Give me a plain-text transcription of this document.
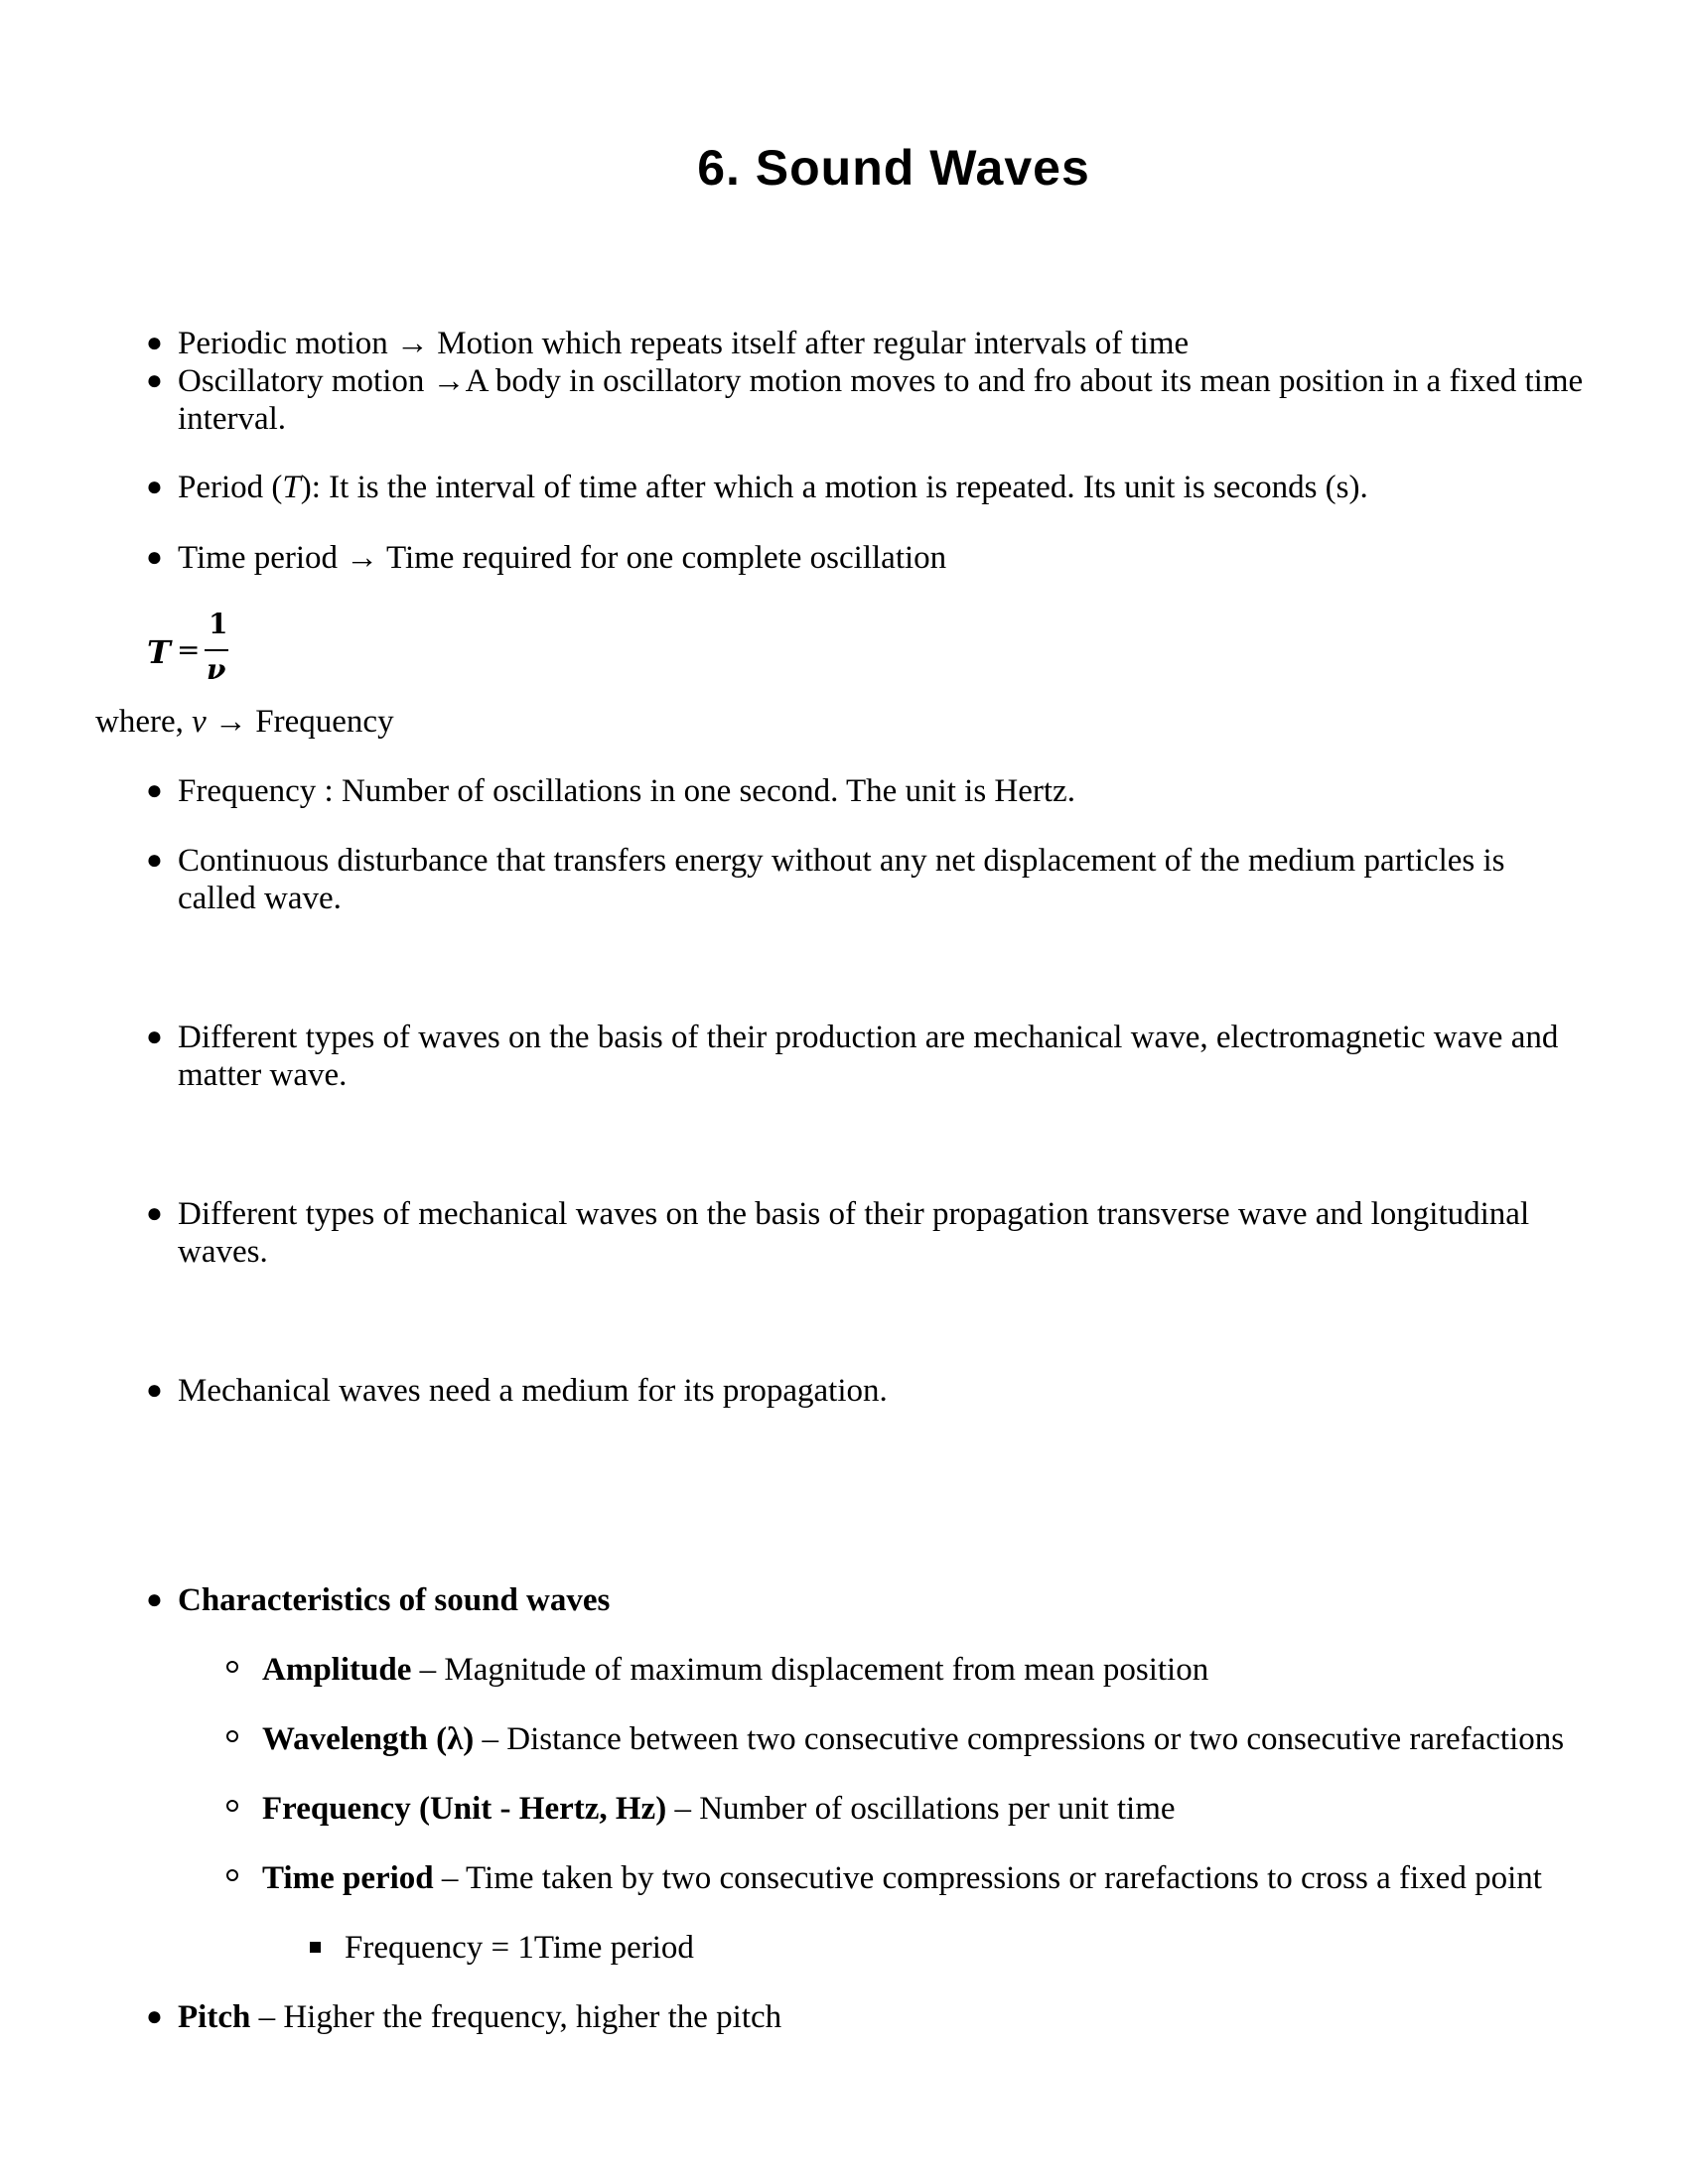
6. Sound Waves
● Periodic motion → Motion which repeats itself after regular intervals of time
● Oscillatory motion →A body in oscillatory motion moves to and fro about its mean position in a fixed time interval.
● Period (T): It is the interval of time after which a motion is repeated. Its unit is seconds (s).
● Time period → Time required for one complete oscillation
T =
1
ν
where, v → Frequency
● Frequency : Number of oscillations in one second. The unit is Hertz.
● Continuous disturbance that transfers energy without any net displacement of the medium particles is called wave.
● Different types of waves on the basis of their production are mechanical wave, electromagnetic wave and matter wave.
● Different types of mechanical waves on the basis of their propagation transverse wave and longitudinal waves.
● Mechanical waves need a medium for its propagation.
● Characteristics of sound waves
Amplitude – Magnitude of maximum displacement from mean position
Wavelength (λ) – Distance between two consecutive compressions or two consecutive rarefactions
Frequency (Unit - Hertz, Hz) – Number of oscillations per unit time
Time period – Time taken by two consecutive compressions or rarefactions to cross a fixed point
Frequency = 1Time period
● Pitch – Higher the frequency, higher the pitch
